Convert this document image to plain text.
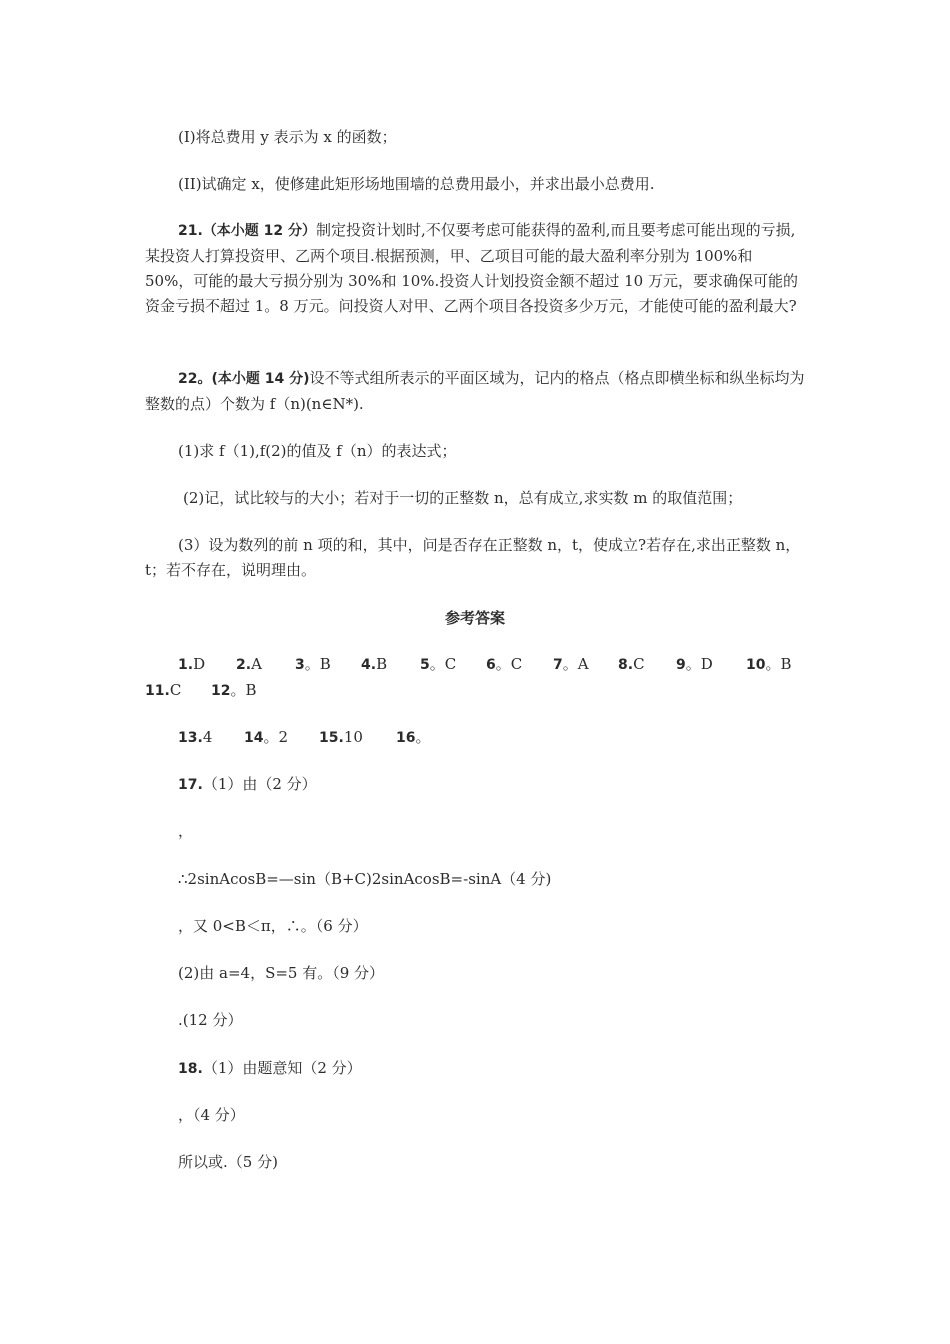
(I)将总费用 y 表示为 x 的函数；
(II)试确定 x，使修建此矩形场地围墙的总费用最小，并求出最小总费用.
21.（本小题 12 分）制定投资计划时,不仅要考虑可能获得的盈利,而且要考虑可能出现的亏损,某投资人打算投资甲、乙两个项目.根据预测，甲、乙项目可能的最大盈利率分别为 100%和 50%，可能的最大亏损分别为 30%和 10%.投资人计划投资金额不超过 10 万元，要求确保可能的资金亏损不超过 1。8 万元。问投资人对甲、乙两个项目各投资多少万元，才能使可能的盈利最大?
22。(本小题 14 分)设不等式组所表示的平面区域为，记内的格点（格点即横坐标和纵坐标均为整数的点）个数为 f（n)(n∈N*).
(1)求 f（1),f(2)的值及 f（n）的表达式；
(2)记，试比较与的大小；若对于一切的正整数 n，总有成立,求实数 m 的取值范围；
(3）设为数列的前 n 项的和，其中，问是否存在正整数 n，t，使成立?若存在,求出正整数 n，t；若不存在，说明理由。
参考答案
1.D 2.A 3。B 4.B 5。C 6。C 7。A 8.C 9。D 10。B
11.C 12。B
13.4 14。2 15.10 16。
17.（1）由（2 分）
，
∴2sinAcosB=—sin（B+C)2sinAcosB=-sinA（4 分)
，又 0<B＜π，∴。（6 分）
(2)由 a=4，S=5 有。（9 分）
.(12 分）
18.（1）由题意知（2 分）
，（4 分）
所以或.（5 分)
